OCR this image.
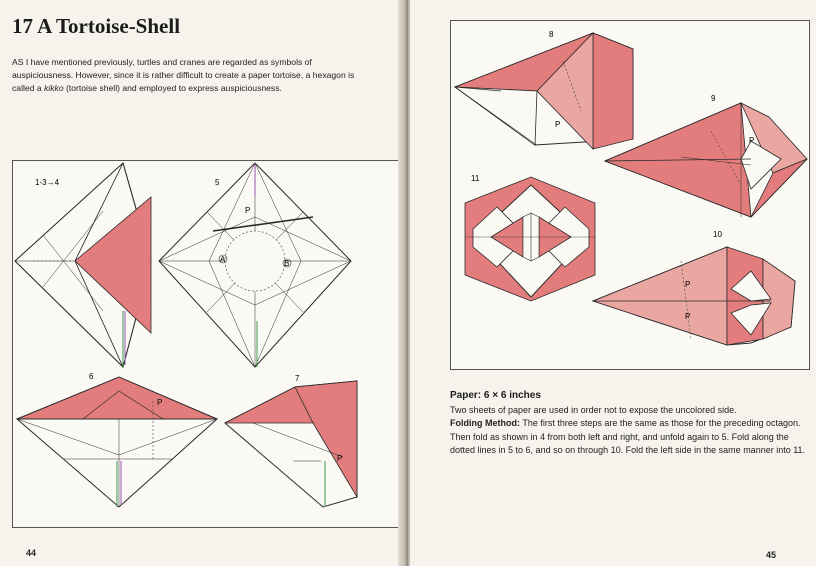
17 A Tortoise-Shell
AS I have mentioned previously, turtles and cranes are regarded as symbols of auspiciousness. However, since it is rather difficult to create a paper tortoise, a hexagon is called a kikko (tortoise shell) and employed to express auspiciousness.
1-3→4	5
A	B
P
6
P
7
P
44
8
P
9
P
10
P
P
11
Paper: 6 × 6 inches
Two sheets of paper are used in order not to expose the uncolored side.
Folding Method: The first three steps are the same as those for the preceding octagon. Then fold as shown in 4 from both left and right, and unfold again to 5. Fold along the dotted lines in 5 to 6, and so on through 10. Fold the left side in the same manner into 11.
45
